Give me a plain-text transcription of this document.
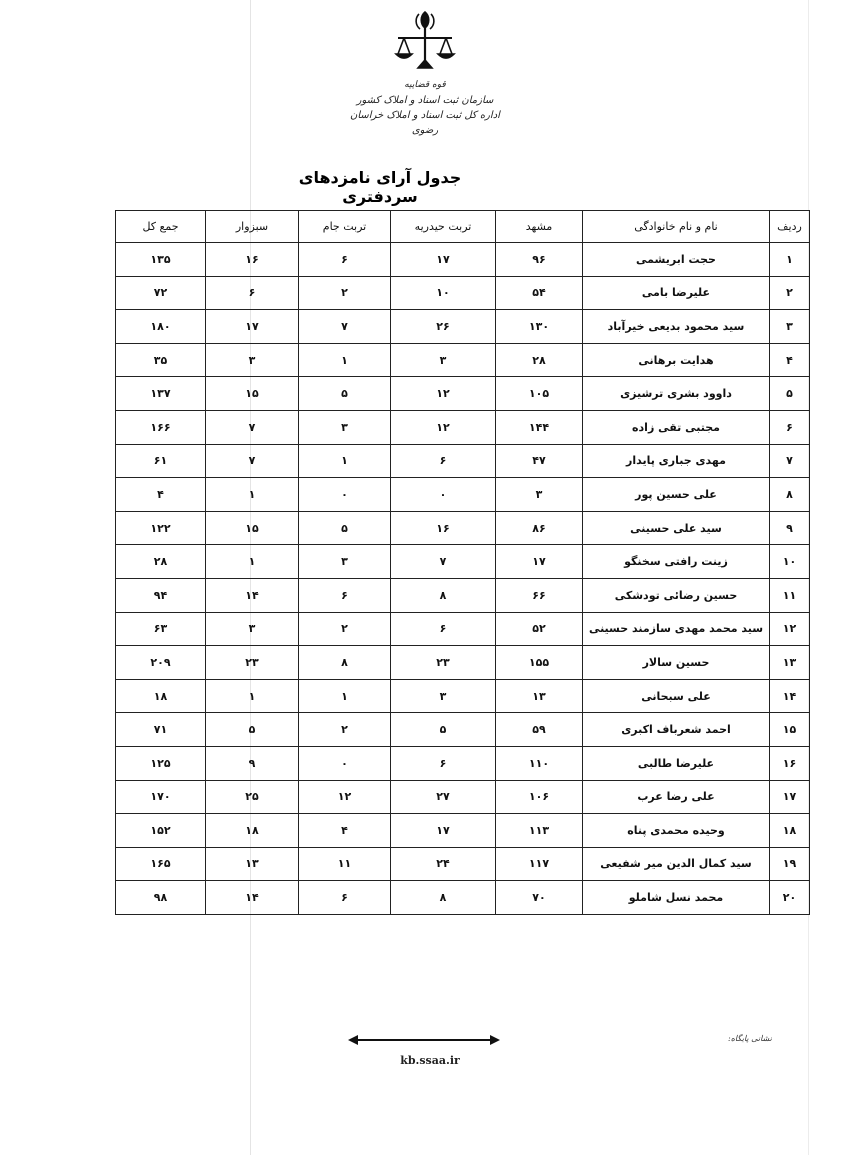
قوه قضاییه
سازمان ثبت اسناد و املاک کشور
اداره کل ثبت اسناد و املاک خراسان رضوی
جدول آرای نامزدهای سردفتری
ردیف	نام و نام خانوادگی	مشهد	تربت حیدریه	تربت جام	سبزوار	جمع کل
۱	حجت ابریشمی	۹۶	۱۷	۶	۱۶	۱۳۵
۲	علیرضا بامی	۵۴	۱۰	۲	۶	۷۲
۳	سید محمود بدیعی خیرآباد	۱۳۰	۲۶	۷	۱۷	۱۸۰
۴	هدایت برهانی	۲۸	۳	۱	۳	۳۵
۵	داوود بشری ترشیزی	۱۰۵	۱۲	۵	۱۵	۱۳۷
۶	مجتبی تقی زاده	۱۴۴	۱۲	۳	۷	۱۶۶
۷	مهدی جباری پایدار	۴۷	۶	۱	۷	۶۱
۸	علی حسین پور	۳	۰	۰	۱	۴
۹	سید علی حسینی	۸۶	۱۶	۵	۱۵	۱۲۲
۱۰	زینت رافتی سخنگو	۱۷	۷	۳	۱	۲۸
۱۱	حسین رضائی تودشکی	۶۶	۸	۶	۱۴	۹۴
۱۲	سید محمد مهدی سازمند حسینی	۵۲	۶	۲	۳	۶۳
۱۳	حسین سالار	۱۵۵	۲۳	۸	۲۳	۲۰۹
۱۴	علی سبحانی	۱۳	۳	۱	۱	۱۸
۱۵	احمد شعرباف اکبری	۵۹	۵	۲	۵	۷۱
۱۶	علیرضا طالبی	۱۱۰	۶	۰	۹	۱۲۵
۱۷	علی رضا عرب	۱۰۶	۲۷	۱۲	۲۵	۱۷۰
۱۸	وحیده محمدی پناه	۱۱۳	۱۷	۴	۱۸	۱۵۲
۱۹	سید کمال الدین میر شفیعی	۱۱۷	۲۴	۱۱	۱۳	۱۶۵
۲۰	محمد نسل شاملو	۷۰	۸	۶	۱۴	۹۸
kb.ssaa.ir
نشانی پایگاه:
